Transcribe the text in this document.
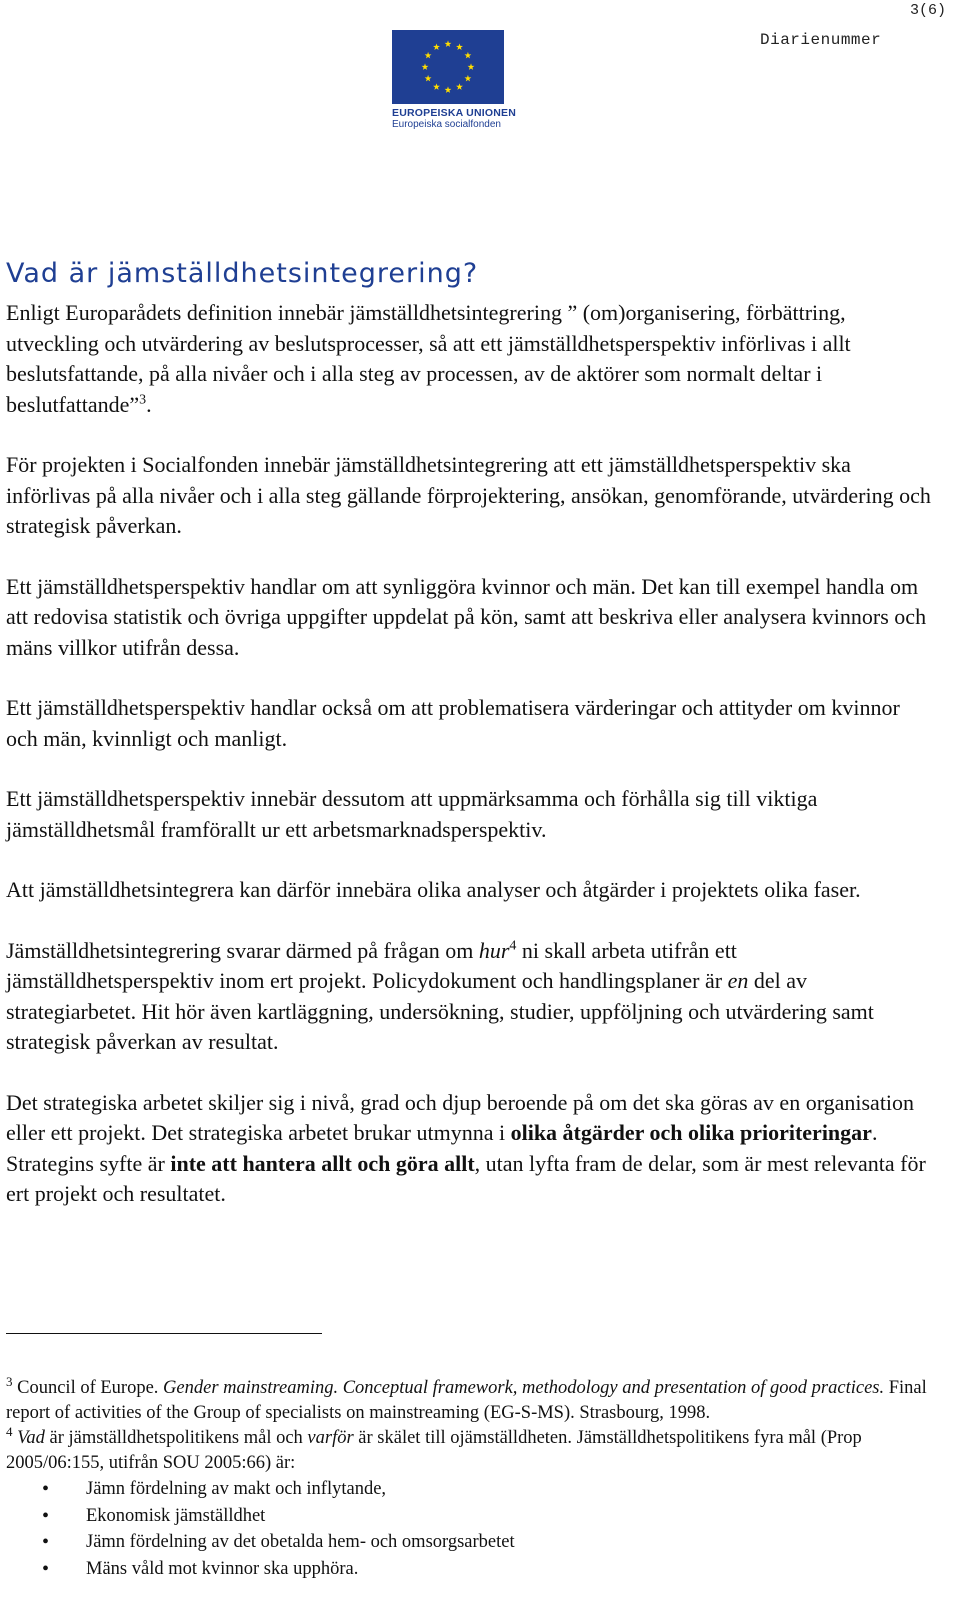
3(6)
Diarienummer
EUROPEISKA UNIONEN
Europeiska socialfonden
Vad är jämställdhetsintegrering?

Enligt Europarådets definition innebär jämställdhetsintegrering ” (om)organisering, förbättring, utveckling och utvärdering av beslutsprocesser, så att ett jämställdhetsperspektiv införlivas i allt beslutsfattande, på alla nivåer och i alla steg av processen, av de aktörer som normalt deltar i beslutfattande”$^3$.

För projekten i Socialfonden innebär jämställdhetsintegrering att ett jämställdhetsperspektiv ska införlivas på alla nivåer och i alla steg gällande förprojektering, ansökan, genomförande, utvärdering och strategisk påverkan.

Ett jämställdhetsperspektiv handlar om att synliggöra kvinnor och män. Det kan till exempel handla om att redovisa statistik och övriga uppgifter uppdelat på kön, samt att beskriva eller analysera kvinnors och mäns villkor utifrån dessa.

Ett jämställdhetsperspektiv handlar också om att problematisera värderingar och attityder om kvinnor och män, kvinnligt och manligt.

Ett jämställdhetsperspektiv innebär dessutom att uppmärksamma och förhålla sig till viktiga jämställdhetsmål framförallt ur ett arbetsmarknadsperspektiv.

Att jämställdhetsintegrera kan därför innebära olika analyser och åtgärder i projektets olika faser.

Jämställdhetsintegrering svarar därmed på frågan om hur$^4$ ni skall arbeta utifrån ett jämställdhetsperspektiv inom ert projekt. Policydokument och handlingsplaner är en del av strategiarbetet. Hit hör även kartläggning, undersökning, studier, uppföljning och utvärdering samt strategisk påverkan av resultat.

Det strategiska arbetet skiljer sig i nivå, grad och djup beroende på om det ska göras av en organisation eller ett projekt. Det strategiska arbetet brukar utmynna i olika åtgärder och olika prioriteringar. Strategins syfte är inte att hantera allt och göra allt, utan lyfta fram de delar, som är mest relevanta för ert projekt och resultatet.

$^3$ Council of Europe. Gender mainstreaming. Conceptual framework, methodology and presentation of good practices. Final report of activities of the Group of specialists on mainstreaming (EG-S-MS). Strasbourg, 1998.

$^4$ Vad är jämställdhetspolitikens mål och varför är skälet till ojämställdheten. Jämställdhetspolitikens fyra mål (Prop 2005/06:155, utifrån SOU 2005:66) är:

• Jämn fördelning av makt och inflytande,
• Ekonomisk jämställdhet
• Jämn fördelning av det obetalda hem- och omsorgsarbetet
• Mäns våld mot kvinnor ska upphöra.
